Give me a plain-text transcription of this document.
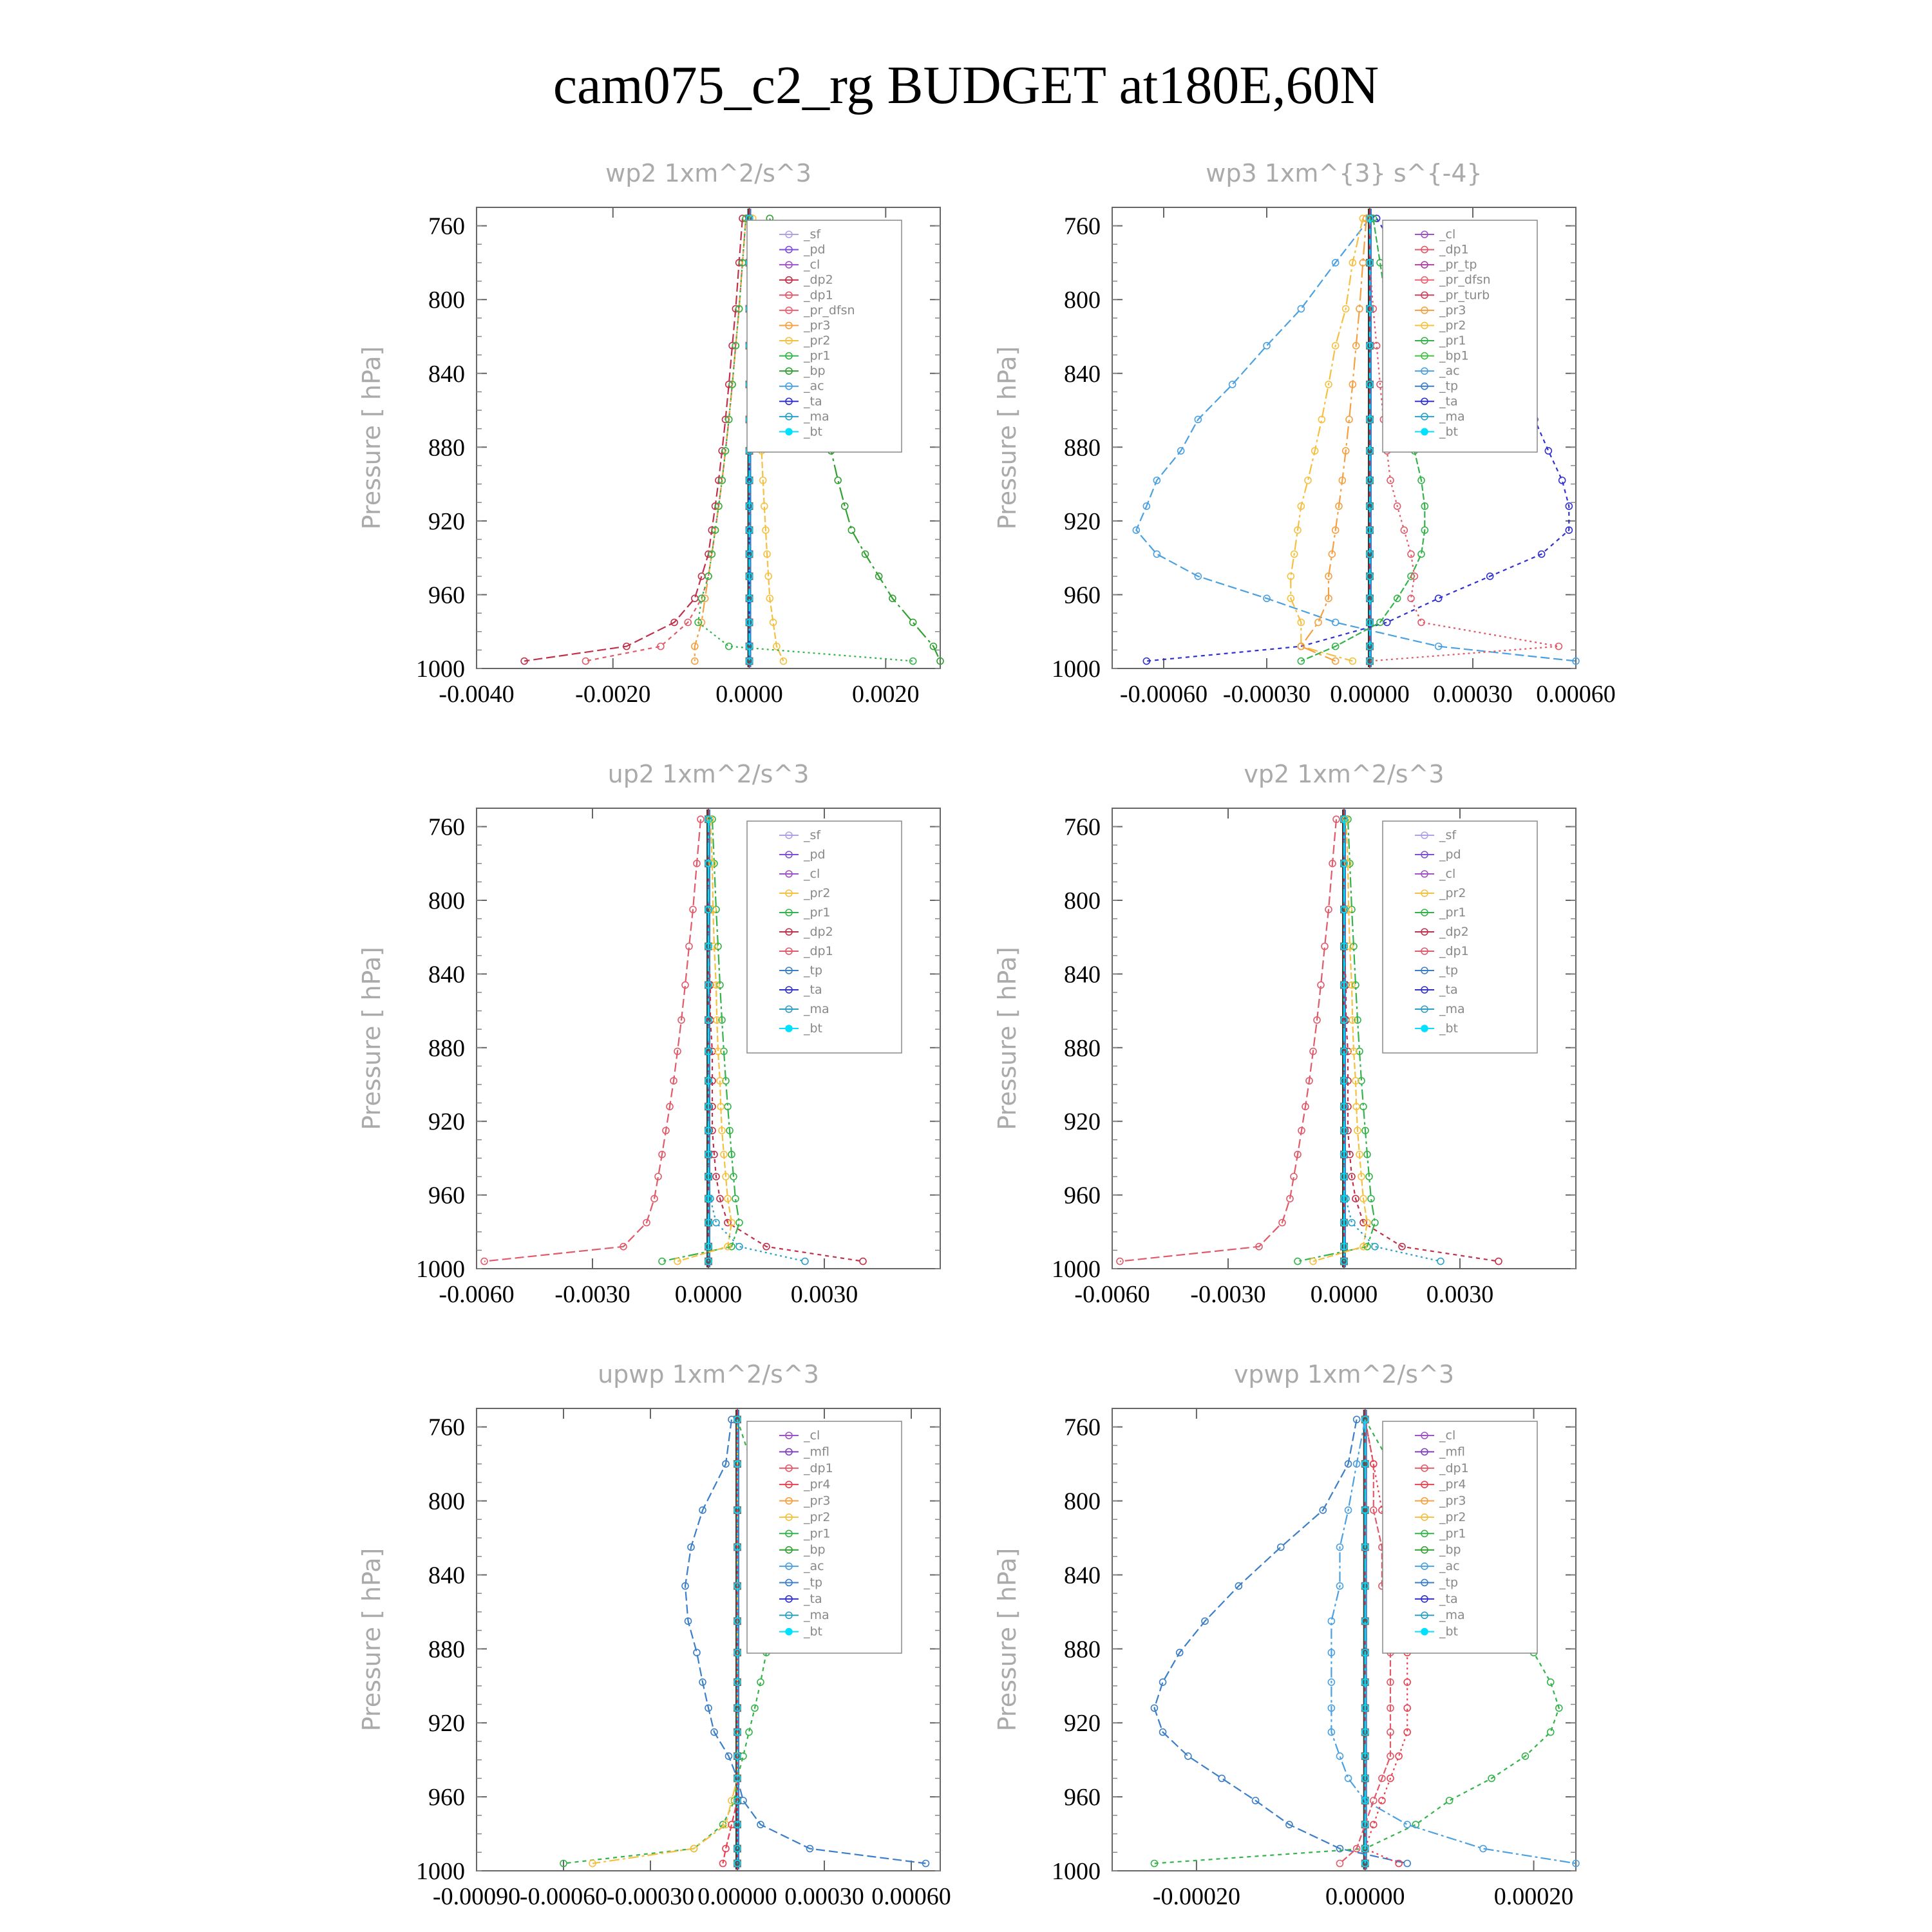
cam075_c2_rg BUDGET at180E,60N
wp2 1xm^2/s^3
Pressure [ hPa]
760
800
840
880
920
960
1000
-0.0040 -0.0020	0.0000	0.0020
_sf
_pd
_cl
_dp2
_dp1
_pr_dfsn
_pr3
_pr2
_pr1
_bp
_ac
_ta
_ma
_bt
wp3 1xm^{3} s^{-4}
Pressure [ hPa]
760
800
840
880
920
960
1000
-0.00060 -0.00030 0.00000 0.00030 0.00060
_cl
_dp1
_pr_tp
_pr_dfsn
_pr_turb
_pr3
_pr2
_pr1
_bp1
_ac
_tp
_ta
_ma
_bt
up2 1xm^2/s^3
Pressure [ hPa]
760
800
840
880
920
960
1000
-0.0060 -0.0030 0.0000 0.0030
_sf
_pd
_cl
_pr2
_pr1
_dp2
_dp1
_tp
_ta
_ma
_bt
vp2 1xm^2/s^3
Pressure [ hPa]
760
800
840
880
920
960
1000
-0.0060 -0.0030 0.0000 0.0030
_sf
_pd
_cl
_pr2
_pr1
_dp2
_dp1
_tp
_ta
_ma
_bt
upwp 1xm^2/s^3
Pressure [ hPa]
760
800
840
880
920
960
1000
-0.00090
-0.00060
-0.00030 0.00000 0.00030 0.00060
_cl
_mfl
_dp1
_pr4
_pr3
_pr2
_pr1
_bp
_ac
_tp
_ta
_ma
_bt
vpwp 1xm^2/s^3
Pressure [ hPa]
760
800
840
880
920
960
1000
-0.00020	0.00000	0.00020
_cl
_mfl
_dp1
_pr4
_pr3
_pr2
_pr1
_bp
_ac
_tp
_ta
_ma
_bt
